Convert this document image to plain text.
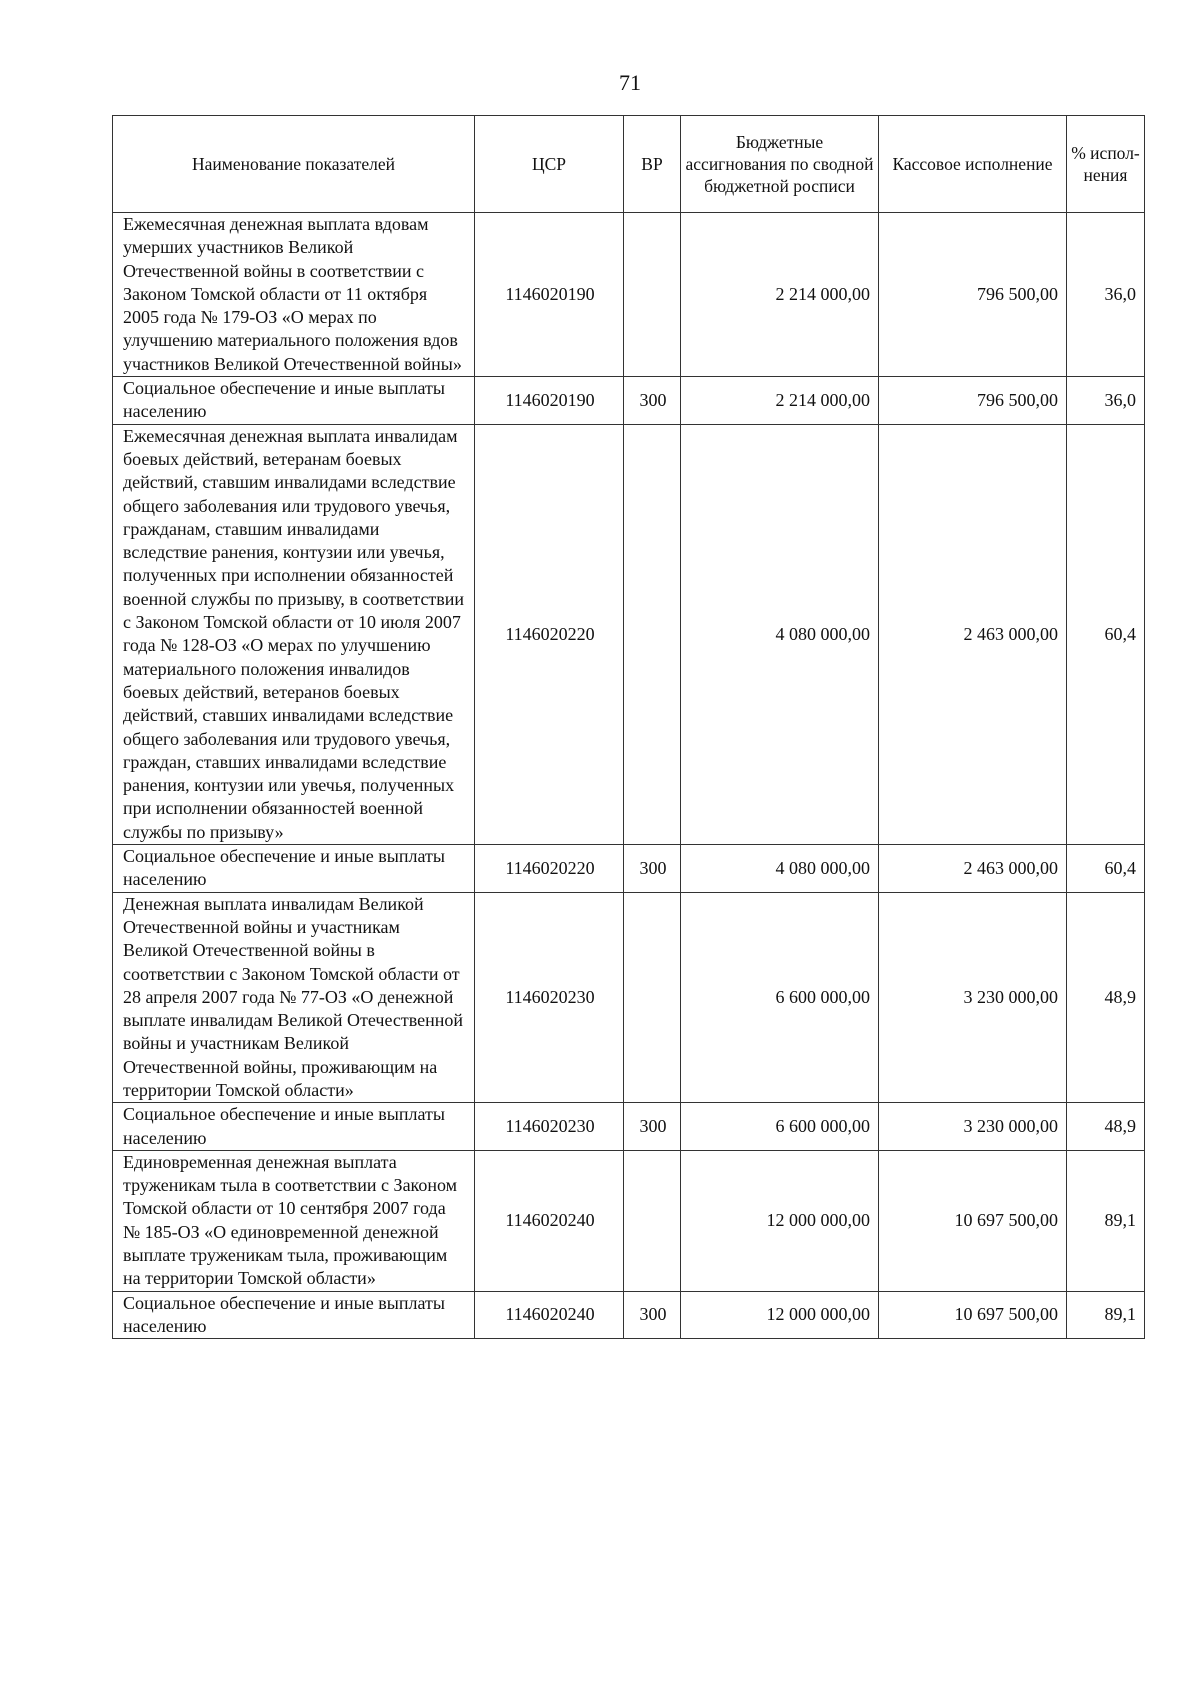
71
Наименование показателей	ЦСР	ВР	Бюджетные ассигнования по сводной бюджетной росписи	Кассовое исполнение	% испол-нения
Ежемесячная денежная выплата вдовам умерших участников Великой Отечественной войны в соответствии с Законом Томской области от 11 октября 2005 года № 179-ОЗ «О мерах по улучшению материального положения вдов участников Великой Отечественной войны»	1146020190		2 214 000,00	796 500,00	36,0
Социальное обеспечение и иные выплаты населению	1146020190	300	2 214 000,00	796 500,00	36,0
Ежемесячная денежная выплата инвалидам боевых действий, ветеранам боевых действий, ставшим инвалидами вследствие общего заболевания или трудового увечья, гражданам, ставшим инвалидами вследствие ранения, контузии или увечья, полученных при исполнении обязанностей военной службы по призыву, в соответствии с Законом Томской области от 10 июля 2007 года № 128-ОЗ «О мерах по улучшению материального положения инвалидов боевых действий, ветеранов боевых действий, ставших инвалидами вследствие общего заболевания или трудового увечья, граждан, ставших инвалидами вследствие ранения, контузии или увечья, полученных при исполнении обязанностей военной службы по призыву»	1146020220		4 080 000,00	2 463 000,00	60,4
Социальное обеспечение и иные выплаты населению	1146020220	300	4 080 000,00	2 463 000,00	60,4
Денежная выплата инвалидам Великой Отечественной войны и участникам Великой Отечественной войны в соответствии с Законом Томской области от 28 апреля 2007 года № 77-ОЗ «О денежной выплате инвалидам Великой Отечественной войны и участникам Великой Отечественной войны, проживающим на территории Томской области»	1146020230		6 600 000,00	3 230 000,00	48,9
Социальное обеспечение и иные выплаты населению	1146020230	300	6 600 000,00	3 230 000,00	48,9
Единовременная денежная выплата труженикам тыла в соответствии с Законом Томской области от 10 сентября 2007 года № 185-ОЗ «О единовременной денежной выплате труженикам тыла, проживающим на территории Томской области»	1146020240		12 000 000,00	10 697 500,00	89,1
Социальное обеспечение и иные выплаты населению	1146020240	300	12 000 000,00	10 697 500,00	89,1
